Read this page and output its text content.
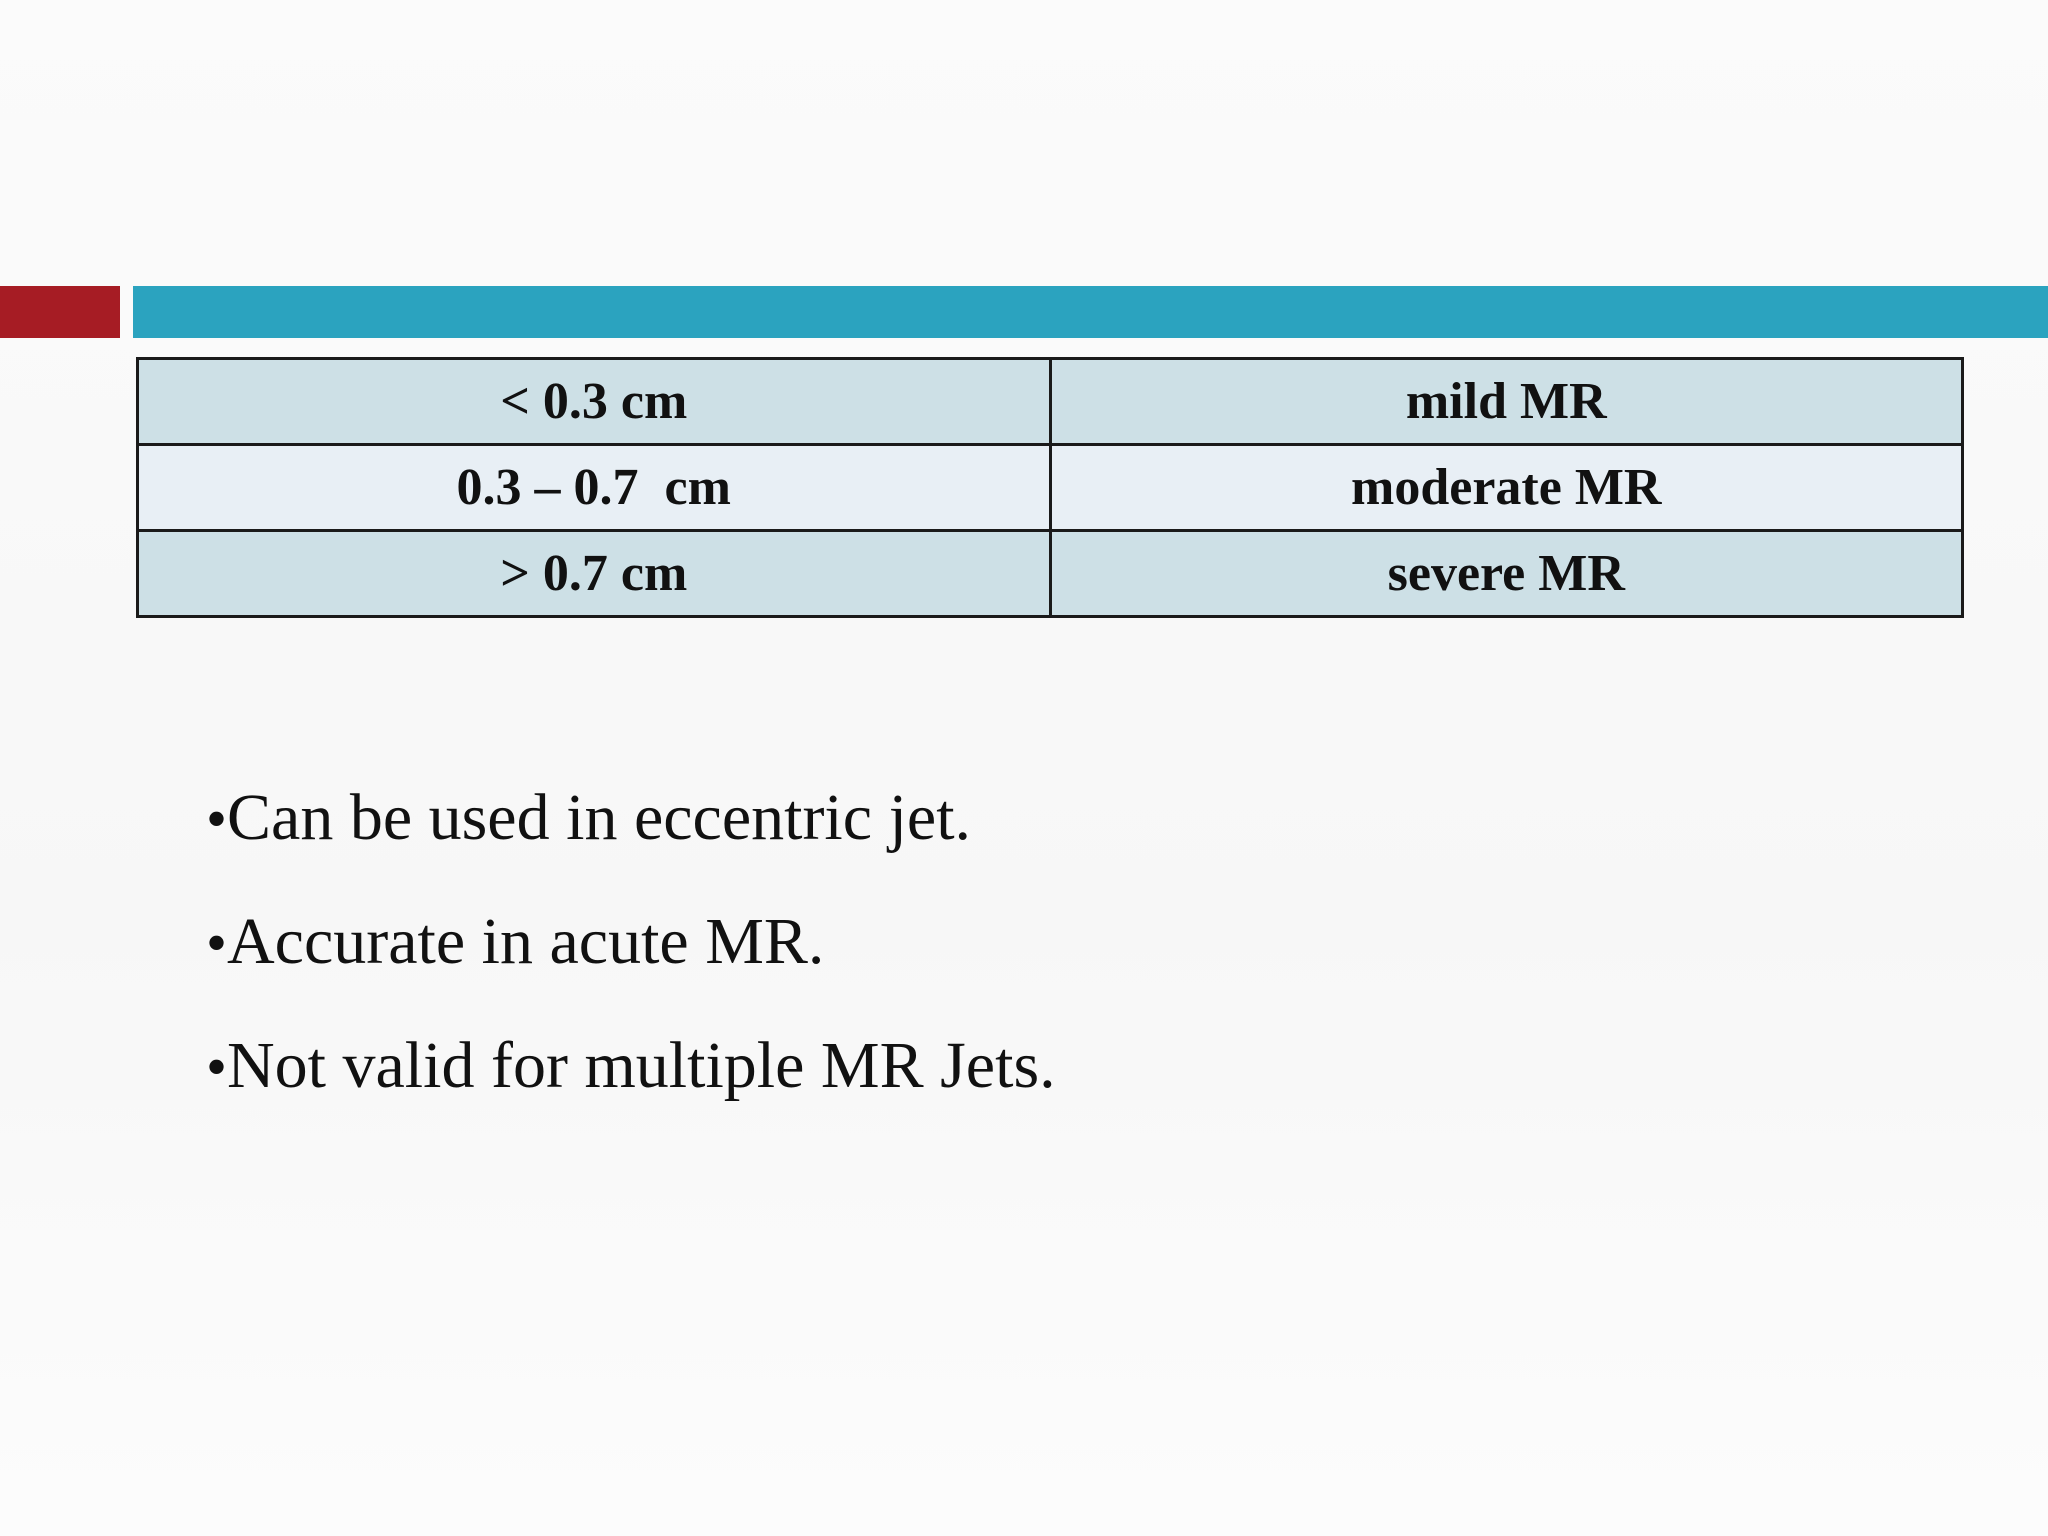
< 0.3 cm	mild MR
0.3 – 0.7  cm	moderate MR
> 0.7 cm	severe MR
•Can be used in eccentric jet.
•Accurate in acute MR.
•Not valid for multiple MR Jets.
